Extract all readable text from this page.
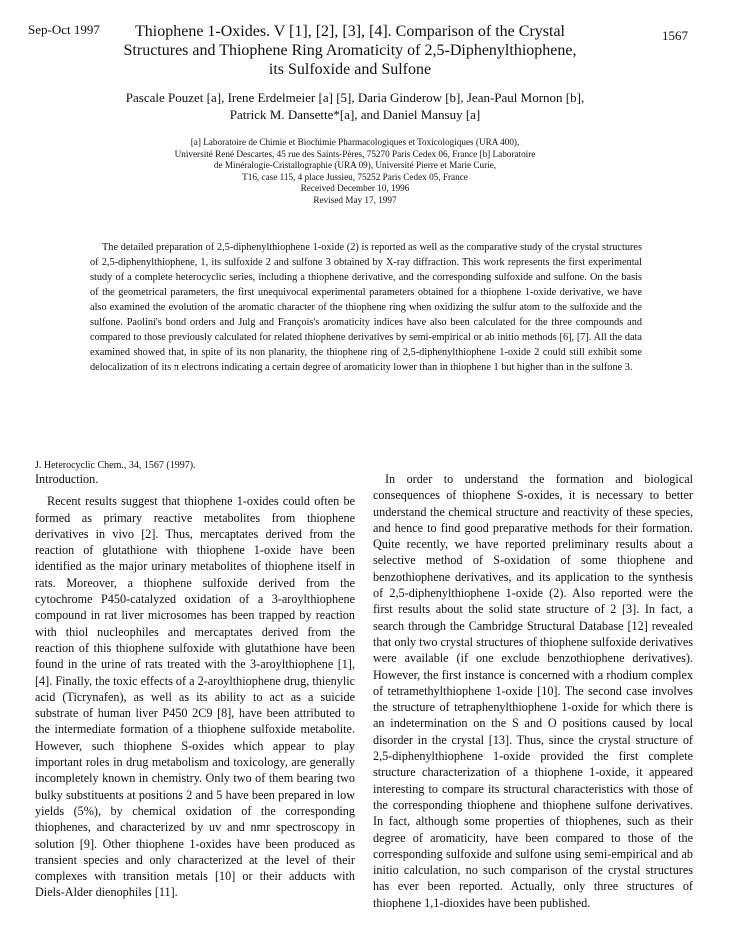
Sep-Oct 1997	1567
Thiophene 1-Oxides. V [1], [2], [3], [4]. Comparison of the Crystal
Structures and Thiophene Ring Aromaticity of 2,5-Diphenylthiophene,
its Sulfoxide and Sulfone
Pascale Pouzet [a], Irene Erdelmeier [a] [5], Daria Ginderow [b], Jean-Paul Mornon [b],
Patrick M. Dansette*[a], and Daniel Mansuy [a]
[a] Laboratoire de Chimie et Biochimie Pharmacologiques et Toxicologiques (URA 400),
Université René Descartes, 45 rue des Saints-Pères, 75270 Paris Cedex 06, France [b] Laboratoire
de Minéralogie-Cristallographie (URA 09), Université Pierre et Marie Curie,
T16, case 115, 4 place Jussieu, 75252 Paris Cedex 05, France
Received December 10, 1996
Revised May 17, 1997

The detailed preparation of 2,5-diphenylthiophene 1-oxide (2) is reported as well as the comparative study of the crystal structures of 2,5-diphenylthiophene, 1, its sulfoxide 2 and sulfone 3 obtained by X-ray diffraction. This work represents the first experimental study of a complete heterocyclic series, including a thiophene derivative, and the corresponding sulfoxide and sulfone. On the basis of the geometrical parameters, the first unequivocal experimental parameters obtained for a thiophene 1-oxide derivative, we have also examined the evolution of the aromatic character of the thiophene ring when oxidizing the sulfur atom to the sulfoxide and the sulfone. Paolini's bond orders and Julg and François's aromaticity indices have also been calculated for the three compounds and compared to those previously calculated for related thiophene derivatives by semi-empirical or ab initio methods [6], [7]. All the data examined showed that, in spite of its non planarity, the thiophene ring of 2,5-diphenylthiophene 1-oxide 2 could still exhibit some delocalization of its π electrons indicating a certain degree of aromaticity lower than in thiophene 1 but higher than in the sulfone 3.

J. Heterocyclic Chem., 34, 1567 (1997).
Introduction.

Recent results suggest that thiophene 1-oxides could often be formed as primary reactive metabolites from thiophene derivatives in vivo [2]. Thus, mercaptates derived from the reaction of glutathione with thiophene 1-oxide have been identified as the major urinary metabolites of thiophene itself in rats. Moreover, a thiophene sulfoxide derived from the cytochrome P450-catalyzed oxidation of a 3-aroylthiophene compound in rat liver microsomes has been trapped by reaction with thiol nucleophiles and mercaptates derived from the reaction of this thiophene sulfoxide with glutathione have been found in the urine of rats treated with the 3-aroylthiophene [1], [4]. Finally, the toxic effects of a 2-aroylthiophene drug, thienylic acid (Ticrynafen), as well as its ability to act as a suicide substrate of human liver P450 2C9 [8], have been attributed to the intermediate formation of a thiophene sulfoxide metabolite. However, such thiophene S-oxides which appear to play important roles in drug metabolism and toxicology, are generally incompletely known in chemistry. Only two of them bearing two bulky substituents at positions 2 and 5 have been prepared in low yields (5%), by chemical oxidation of the corresponding thiophenes, and characterized by uv and nmr spectroscopy in solution [9]. Other thiophene 1-oxides have been produced as transient species and only characterized at the level of their complexes with transition metals [10] or their adducts with Diels-Alder dienophiles [11].

In order to understand the formation and biological consequences of thiophene S-oxides, it is necessary to better understand the chemical structure and reactivity of these species, and hence to find good preparative methods for their formation. Quite recently, we have reported preliminary results about a selective method of S-oxidation of some thiophene and benzothiophene derivatives, and its application to the synthesis of 2,5-diphenylthiophene 1-oxide (2). Also reported were the first results about the solid state structure of 2 [3]. In fact, a search through the Cambridge Structural Database [12] revealed that only two crystal structures of thiophene sulfoxide derivatives were available (if one exclude benzothiophene derivatives). However, the first instance is concerned with a rhodium complex of tetramethylthiophene 1-oxide [10]. The second case involves the structure of tetraphenylthiophene 1-oxide for which there is an indetermination on the S and O positions caused by local disorder in the crystal [13]. Thus, since the crystal structure of 2,5-diphenylthiophene 1-oxide provided the first complete structure characterization of a thiophene 1-oxide, it appeared interesting to compare its structural characteristics with those of the corresponding thiophene and thiophene sulfone derivatives. In fact, although some properties of thiophenes, such as their degree of aromaticity, have been compared to those of the corresponding sulfoxide and sulfone using semi-empirical and ab initio calculation, no such comparison of the crystal structures has ever been reported. Actually, only three structures of thiophene 1,1-dioxides have been published.
